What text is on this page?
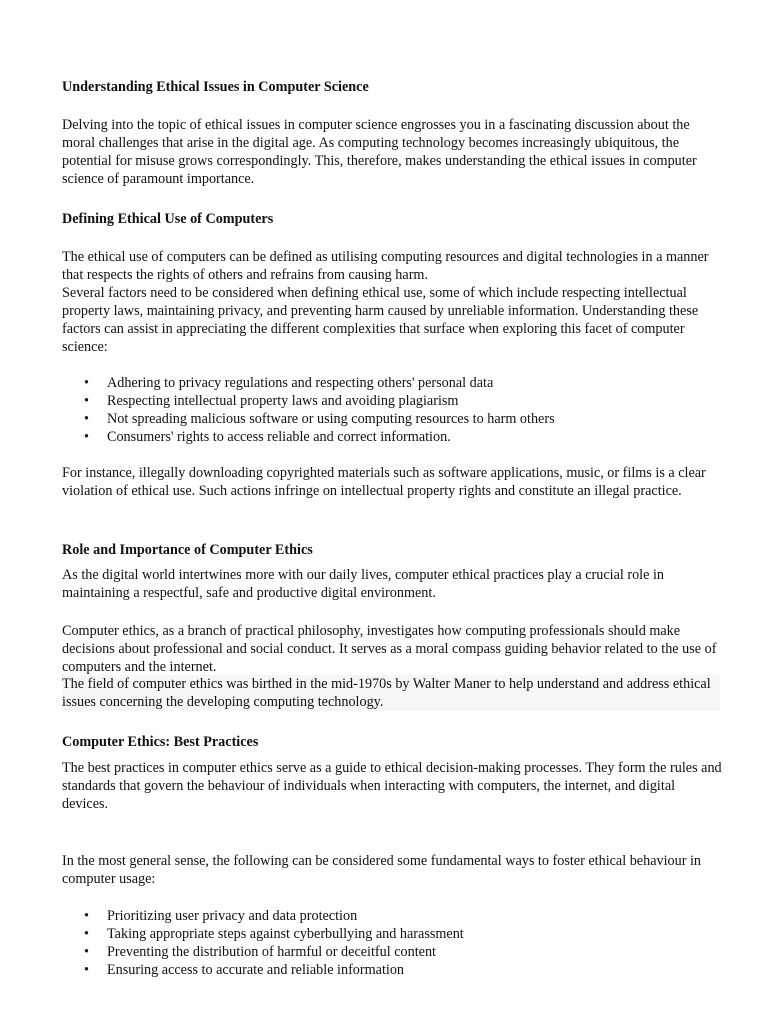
Understanding Ethical Issues in Computer Science

Delving into the topic of ethical issues in computer science engrosses you in a fascinating discussion about the moral challenges that arise in the digital age. As computing technology becomes increasingly ubiquitous, the potential for misuse grows correspondingly. This, therefore, makes understanding the ethical issues in computer science of paramount importance.

Defining Ethical Use of Computers

The ethical use of computers can be defined as utilising computing resources and digital technologies in a manner that respects the rights of others and refrains from causing harm.

Several factors need to be considered when defining ethical use, some of which include respecting intellectual property laws, maintaining privacy, and preventing harm caused by unreliable information. Understanding these factors can assist in appreciating the different complexities that surface when exploring this facet of computer science:

• Adhering to privacy regulations and respecting others' personal data
• Respecting intellectual property laws and avoiding plagiarism
• Not spreading malicious software or using computing resources to harm others
• Consumers' rights to access reliable and correct information.

For instance, illegally downloading copyrighted materials such as software applications, music, or films is a clear violation of ethical use. Such actions infringe on intellectual property rights and constitute an illegal practice.

Role and Importance of Computer Ethics

As the digital world intertwines more with our daily lives, computer ethical practices play a crucial role in maintaining a respectful, safe and productive digital environment.

Computer ethics, as a branch of practical philosophy, investigates how computing professionals should make decisions about professional and social conduct. It serves as a moral compass guiding behavior related to the use of computers and the internet.

The field of computer ethics was birthed in the mid-1970s by Walter Maner to help understand and address ethical issues concerning the developing computing technology.

Computer Ethics: Best Practices

The best practices in computer ethics serve as a guide to ethical decision-making processes. They form the rules and standards that govern the behaviour of individuals when interacting with computers, the internet, and digital devices.

In the most general sense, the following can be considered some fundamental ways to foster ethical behaviour in computer usage:

• Prioritizing user privacy and data protection
• Taking appropriate steps against cyberbullying and harassment
• Preventing the distribution of harmful or deceitful content
• Ensuring access to accurate and reliable information
